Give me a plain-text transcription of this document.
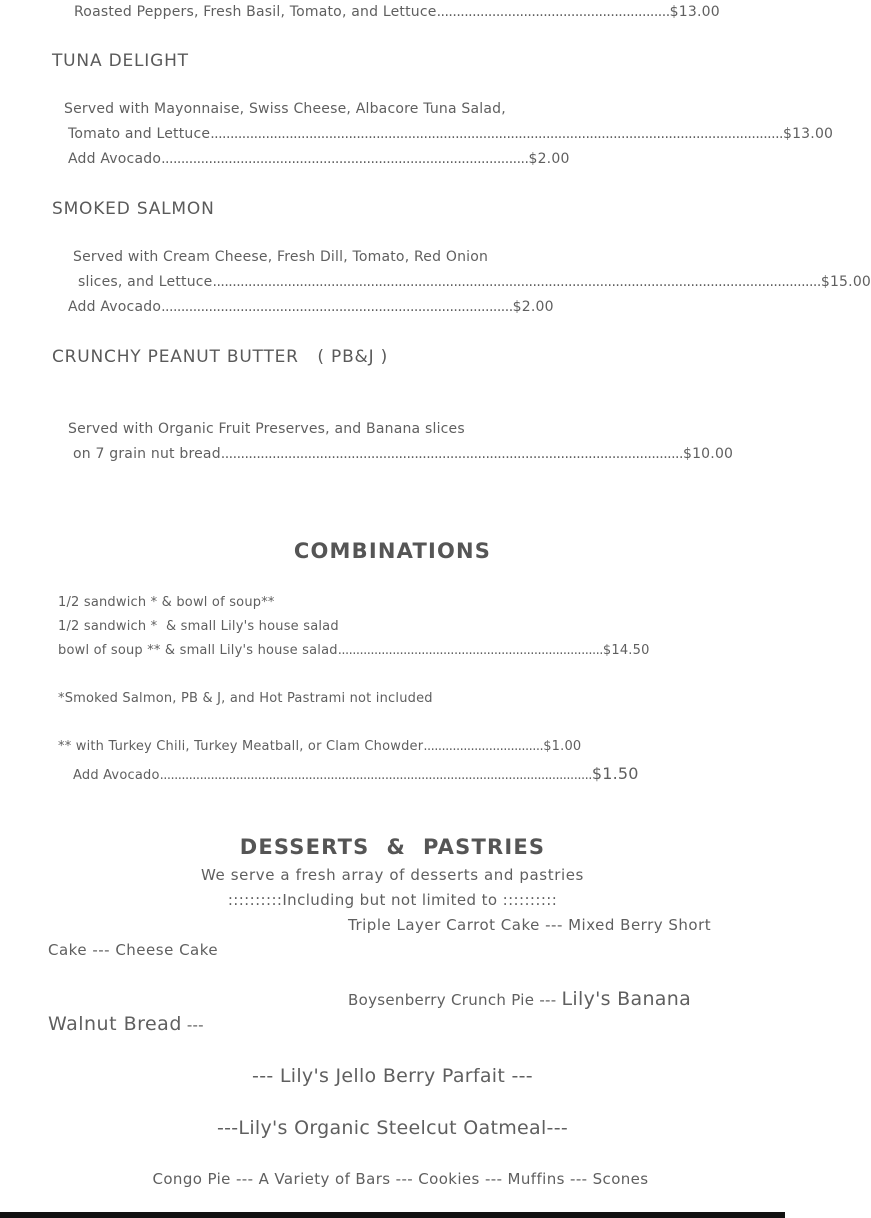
Roasted Peppers, Fresh Basil, Tomato, and Lettuce...........................................................$13.00
TUNA DELIGHT
Served with Mayonnaise, Swiss Cheese, Albacore Tuna Salad,
Tomato and Lettuce.................................................................................................................................................$13.00
Add Avocado.............................................................................................$2.00
SMOKED SALMON
Served with Cream Cheese, Fresh Dill, Tomato, Red Onion
slices, and Lettuce..........................................................................................................................................................$15.00
Add Avocado.........................................................................................$2.00
CRUNCHY PEANUT BUTTER   ( PB&J )
Served with Organic Fruit Preserves, and Banana slices
on 7 grain nut bread.....................................................................................................................$10.00
COMBINATIONS
1/2 sandwich * & bowl of soup**
1/2 sandwich *  & small Lily's house salad
bowl of soup ** & small Lily's house salad.........................................................................$14.50
*Smoked Salmon, PB & J, and Hot Pastrami not included
** with Turkey Chili, Turkey Meatball, or Clam Chowder.................................$1.00
Add Avocado.......................................................................................................................$1.50
DESSERTS  &  PASTRIES
We serve a fresh array of desserts and pastries
::::::::::Including but not limited to ::::::::::
Triple Layer Carrot Cake --- Mixed Berry Short
Cake --- Cheese Cake
Boysenberry Crunch Pie --- Lily's Banana
Walnut Bread ---
--- Lily's Jello Berry Parfait ---
---Lily's Organic Steelcut Oatmeal---
Congo Pie --- A Variety of Bars --- Cookies --- Muffins --- Scones
